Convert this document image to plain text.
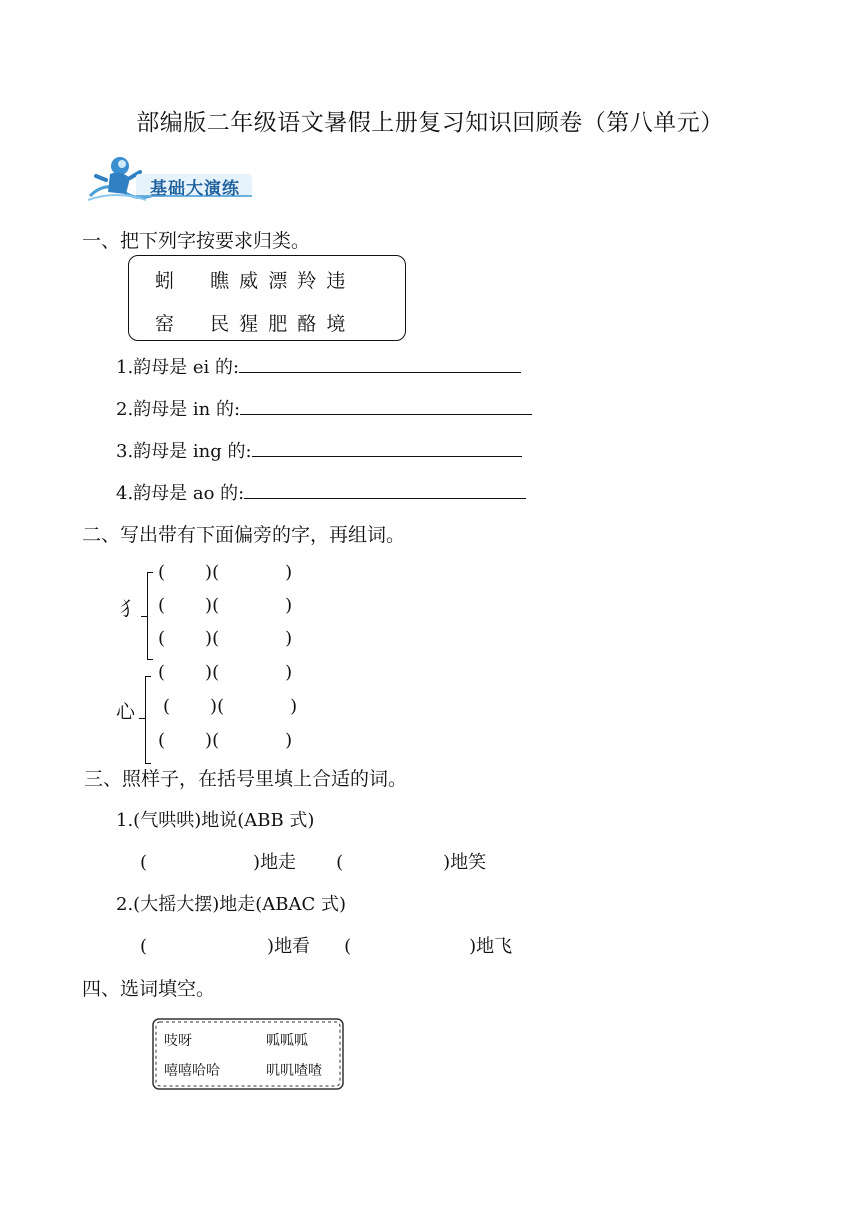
部编版二年级语文暑假上册复习知识回顾卷（第八单元）
基础大演练
一、把下列字按要求归类。
蚓 瞧 威 漂 羚 违
窑 民 猩 肥 酪 境
1.韵母是 ei 的:
2.韵母是 in 的:
3.韵母是 ing 的:
4.韵母是 ao 的:
二、写出带有下面偏旁的字，再组词。
犭
( )(	)
( )(	)
( )(	)
心
( )(	)
( )(	)
( )(	)
三、照样子，在括号里填上合适的词。
1.(气哄哄)地说(ABB 式)
(	)地走 (	)地笑
2.(大摇大摆)地走(ABAC 式)
(	)地看 (	)地飞
四、选词填空。
吱呀	呱呱呱
嘻嘻哈哈	叽叽喳喳
